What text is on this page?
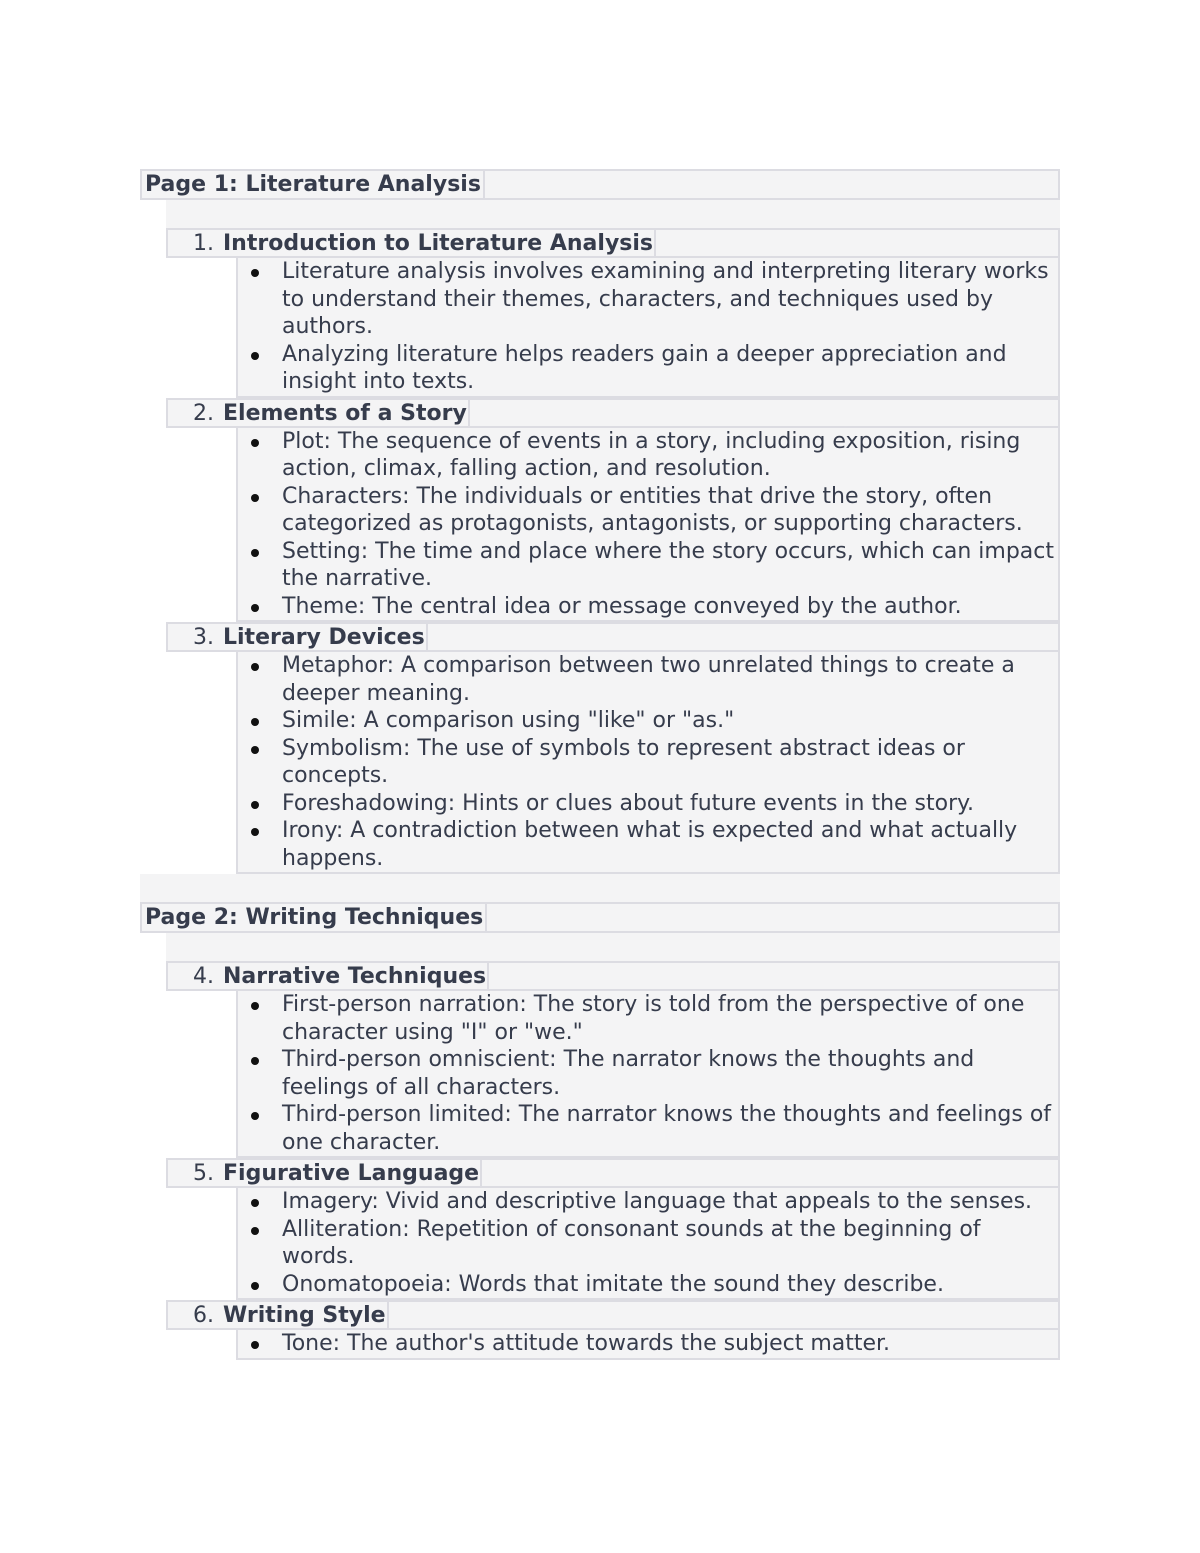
Page 1: Literature Analysis
1. Introduction to Literature Analysis
Literature analysis involves examining and interpreting literary works to understand their themes, characters, and techniques used by authors.
Analyzing literature helps readers gain a deeper appreciation and insight into texts.
2. Elements of a Story
Plot: The sequence of events in a story, including exposition, rising action, climax, falling action, and resolution.
Characters: The individuals or entities that drive the story, often categorized as protagonists, antagonists, or supporting characters.
Setting: The time and place where the story occurs, which can impact the narrative.
Theme: The central idea or message conveyed by the author.
3. Literary Devices
Metaphor: A comparison between two unrelated things to create a deeper meaning.
Simile: A comparison using "like" or "as."
Symbolism: The use of symbols to represent abstract ideas or concepts.
Foreshadowing: Hints or clues about future events in the story.
Irony: A contradiction between what is expected and what actually happens.
Page 2: Writing Techniques
4. Narrative Techniques
First-person narration: The story is told from the perspective of one character using "I" or "we."
Third-person omniscient: The narrator knows the thoughts and feelings of all characters.
Third-person limited: The narrator knows the thoughts and feelings of one character.
5. Figurative Language
Imagery: Vivid and descriptive language that appeals to the senses.
Alliteration: Repetition of consonant sounds at the beginning of words.
Onomatopoeia: Words that imitate the sound they describe.
6. Writing Style
Tone: The author's attitude towards the subject matter.
